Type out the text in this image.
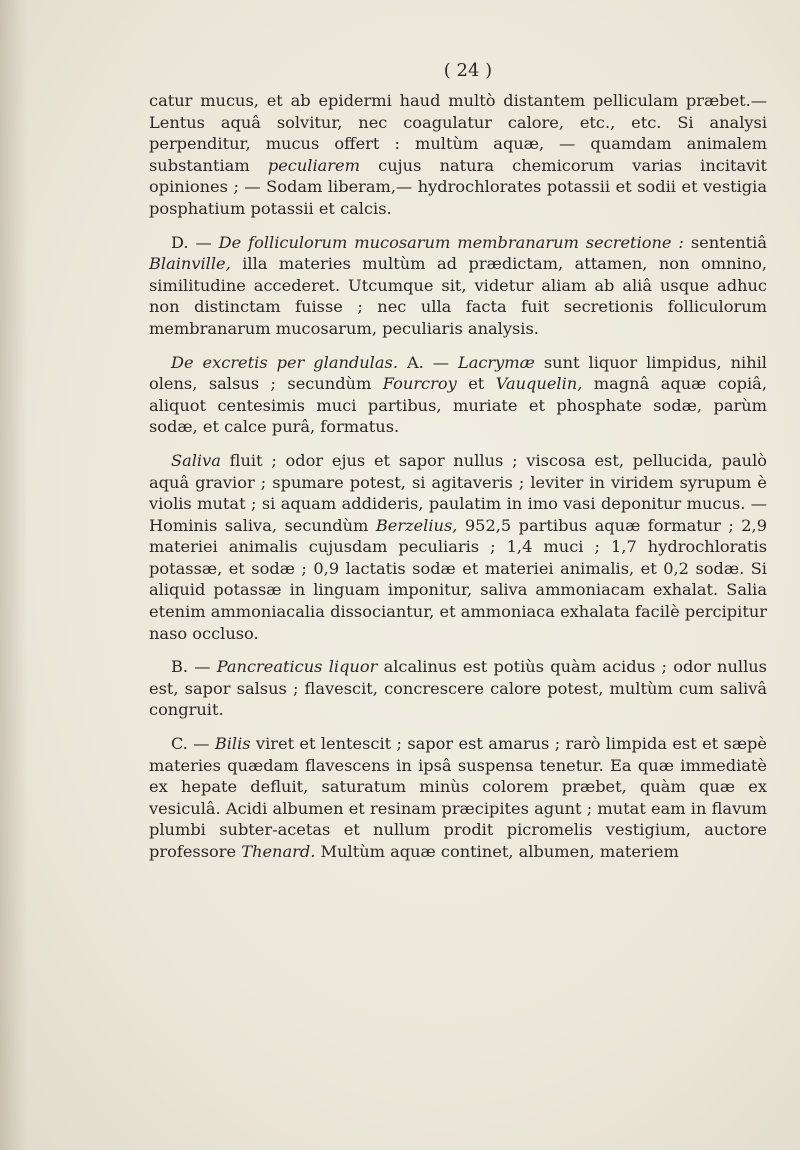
( 24 )

catur mucus, et ab epidermi haud multò distantem pelliculam præbet.— Lentus aquâ solvitur, nec coagulatur calore, etc., etc. Si analysi perpenditur, mucus offert : multùm aquæ, — quamdam animalem substantiam peculiarem cujus natura chemicorum varias incitavit opiniones ; — Sodam liberam,— hydrochlorates potassii et sodii et vestigia posphatium potassii et calcis.

D. — De folliculorum mucosarum membranarum secretione : sententiâ Blainville, illa materies multùm ad prædictam, attamen, non omnino, similitudine accederet. Utcumque sit, videtur aliam ab aliâ usque adhuc non distinctam fuisse ; nec ulla facta fuit secretionis folliculorum membranarum mucosarum, peculiaris analysis.

De excretis per glandulas. A. — Lacrymæ sunt liquor limpidus, nihil olens, salsus ; secundùm Fourcroy et Vauquelin, magnâ aquæ copiâ, aliquot centesimis muci partibus, muriate et phosphate sodæ, parùm sodæ, et calce purâ, formatus.

Saliva fluit ; odor ejus et sapor nullus ; viscosa est, pellucida, paulò aquâ gravior ; spumare potest, si agitaveris ; leviter in viridem syrupum è violis mutat ; si aquam addideris, paulatim in imo vasi deponitur mucus. — Hominis saliva, secundùm Berzelius, 952,5 partibus aquæ formatur ; 2,9 materiei animalis cujusdam peculiaris ; 1,4 muci ; 1,7 hydrochloratis potassæ, et sodæ ; 0,9 lactatis sodæ et materiei animalis, et 0,2 sodæ. Si aliquid potassæ in linguam imponitur, saliva ammoniacam exhalat. Salia etenim ammoniacalia dissociantur, et ammoniaca exhalata facilè percipitur naso occluso.

B. — Pancreaticus liquor alcalinus est potiùs quàm acidus ; odor nullus est, sapor salsus ; flavescit, concrescere calore potest, multùm cum salivâ congruit.

C. — Bilis viret et lentescit ; sapor est amarus ; rarò limpida est et sæpè materies quædam flavescens in ipsâ suspensa tenetur. Ea quæ immediatè ex hepate defluit, saturatum minùs colorem præbet, quàm quæ ex vesiculâ. Acidi albumen et resinam præcipites agunt ; mutat eam in flavum plumbi subter-acetas et nullum prodit picromelis vestigium, auctore professore Thenard. Multùm aquæ continet, albumen, materiem
